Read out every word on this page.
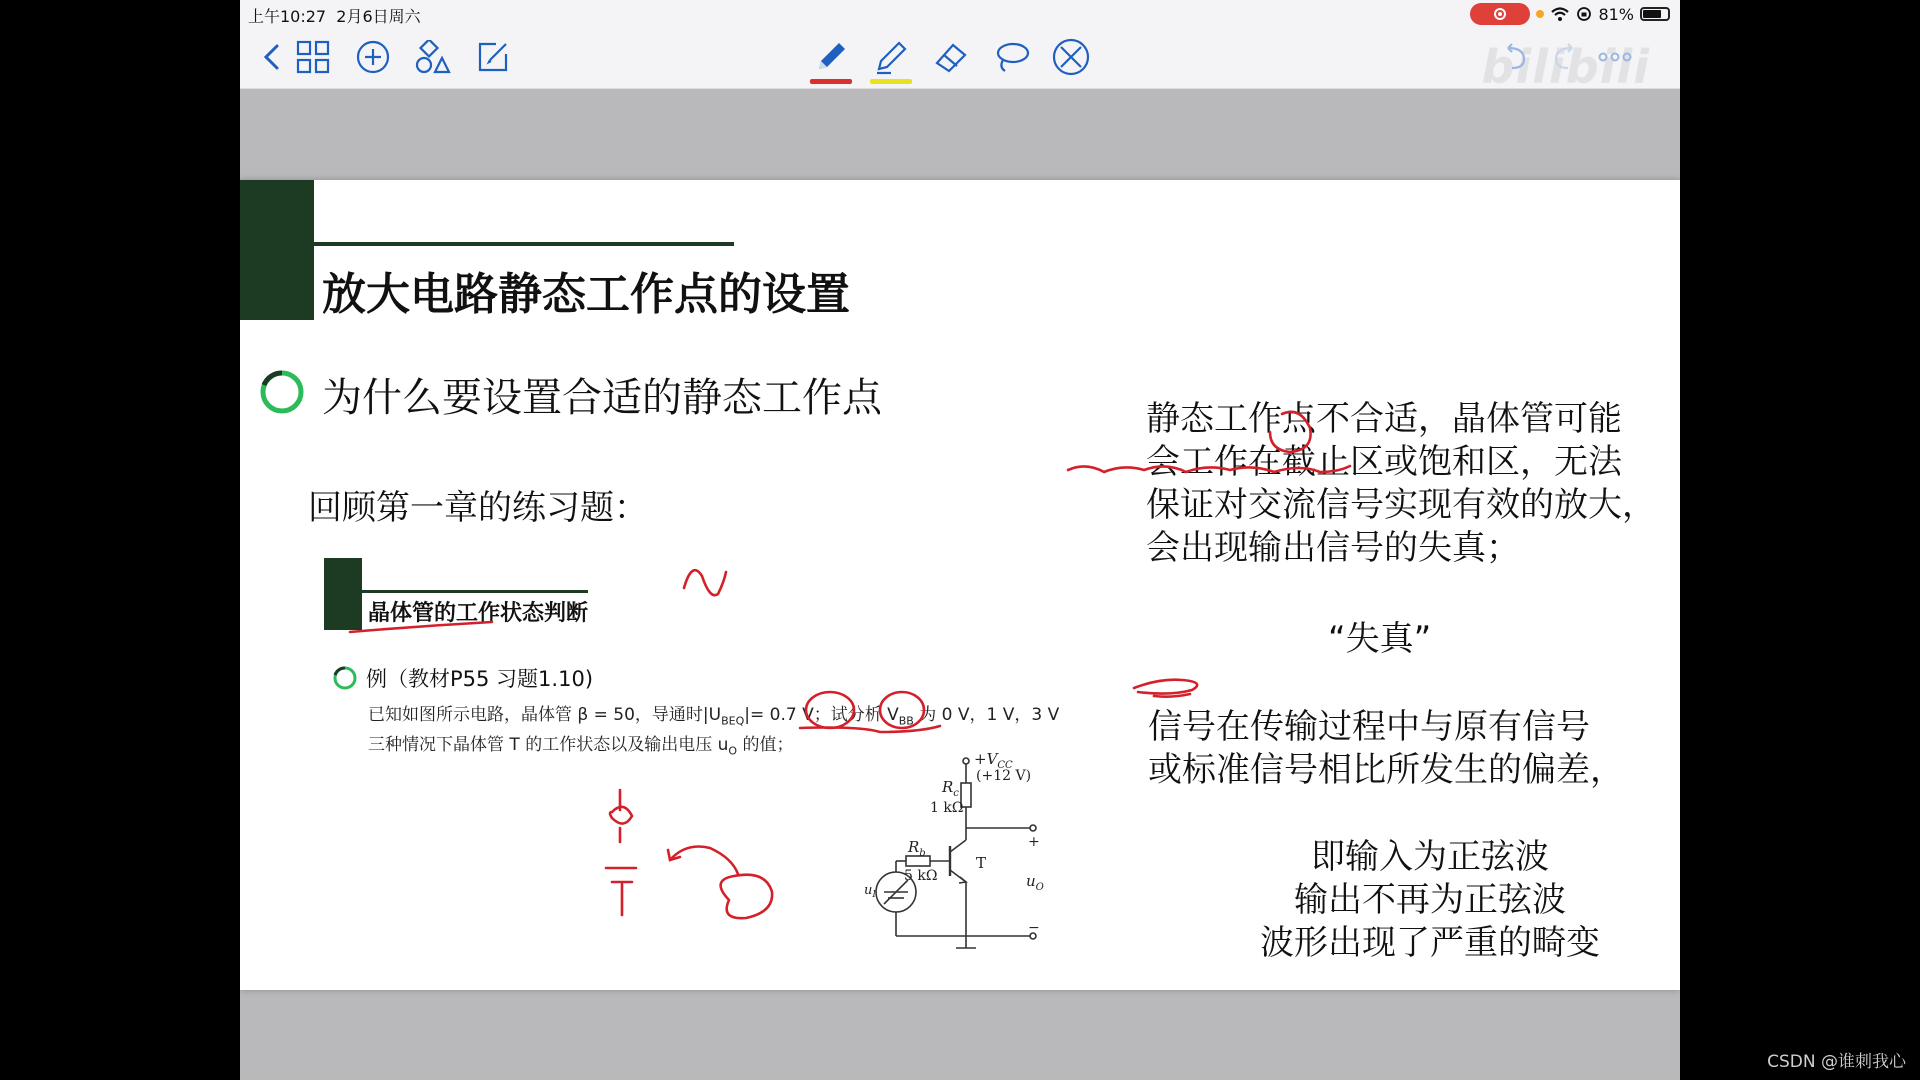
上午10:27 2月6日周六	81%
bilibili
放大电路静态工作点的设置
为什么要设置合适的静态工作点
回顾第一章的练习题：
晶体管的工作状态判断
例（教材P55 习题1.10)
已知如图所示电路，晶体管 β = 50，导通时$|U_{BEQ}|= 0.7$ V；试分析 $V_{BB}$ 为 0 V，1 V，3 V
三种情况下晶体管 T 的工作状态以及输出电压 $u_O$ 的值；
静态工作点不合适，晶体管可能
会工作在截止区或饱和区，无法
保证对交流信号实现有效的放大，
会出现输出信号的失真；
“失真”
信号在传输过程中与原有信号
或标准信号相比所发生的偏差，
即输入为正弦波
输出不再为正弦波
波形出现了严重的畸变
$+V_{CC}$
(+12 V)
$R_c$
1 kΩ
$R_b$
5 kΩ
T
$u_I$
$u_O$
+
−
CSDN @谁刺我心
